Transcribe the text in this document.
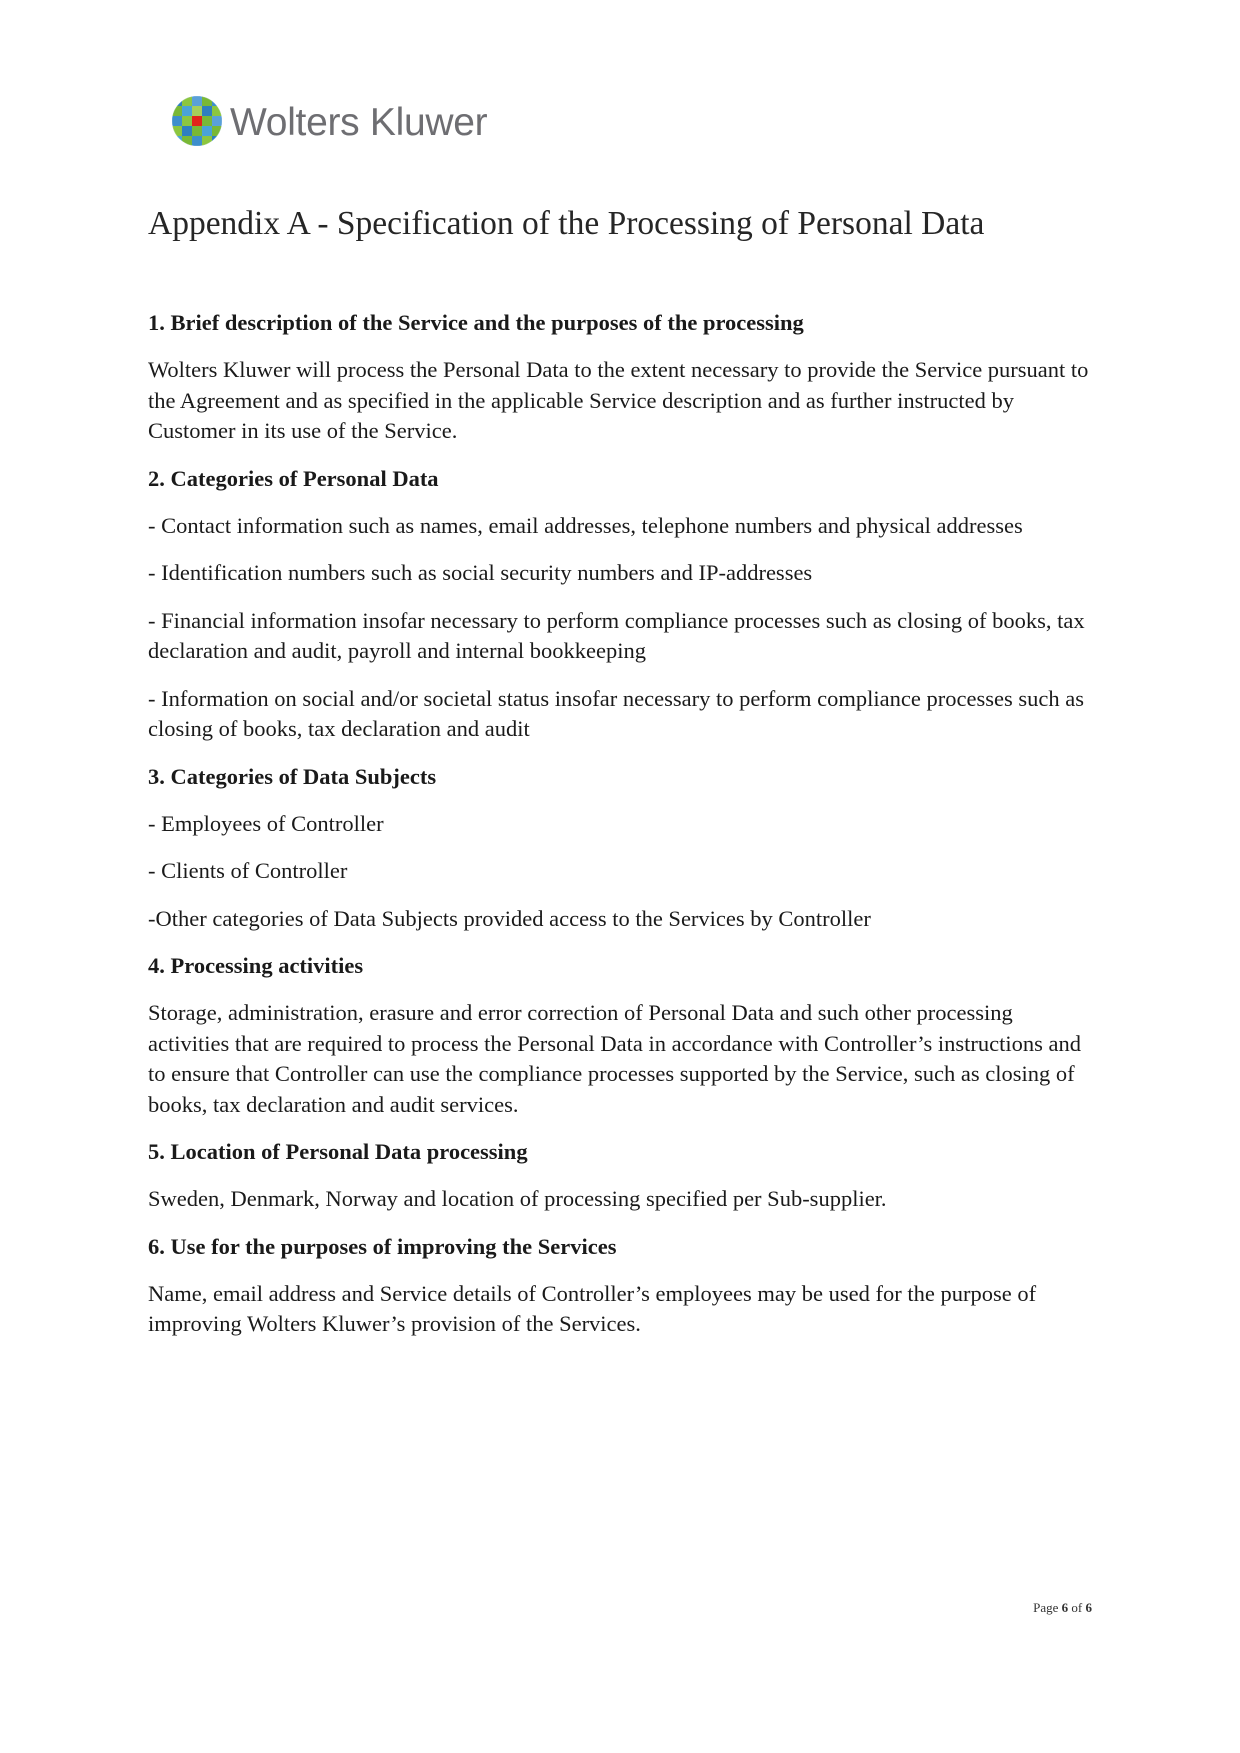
Wolters Kluwer
Appendix A - Specification of the Processing of Personal Data
1. Brief description of the Service and the purposes of the processing

Wolters Kluwer will process the Personal Data to the extent necessary to provide the Service pursuant to the Agreement and as specified in the applicable Service description and as further instructed by Customer in its use of the Service.

2. Categories of Personal Data

- Contact information such as names, email addresses, telephone numbers and physical addresses

- Identification numbers such as social security numbers and IP-addresses

- Financial information insofar necessary to perform compliance processes such as closing of books, tax declaration and audit, payroll and internal bookkeeping

- Information on social and/or societal status insofar necessary to perform compliance processes such as closing of books, tax declaration and audit

3. Categories of Data Subjects

- Employees of Controller

- Clients of Controller

-Other categories of Data Subjects provided access to the Services by Controller

4. Processing activities

Storage, administration, erasure and error correction of Personal Data and such other processing activities that are required to process the Personal Data in accordance with Controller’s instructions and to ensure that Controller can use the compliance processes supported by the Service, such as closing of books, tax declaration and audit services.

5. Location of Personal Data processing

Sweden, Denmark, Norway and location of processing specified per Sub-supplier.

6. Use for the purposes of improving the Services

Name, email address and Service details of Controller’s employees may be used for the purpose of improving Wolters Kluwer’s provision of the Services.

Page 6 of 6
